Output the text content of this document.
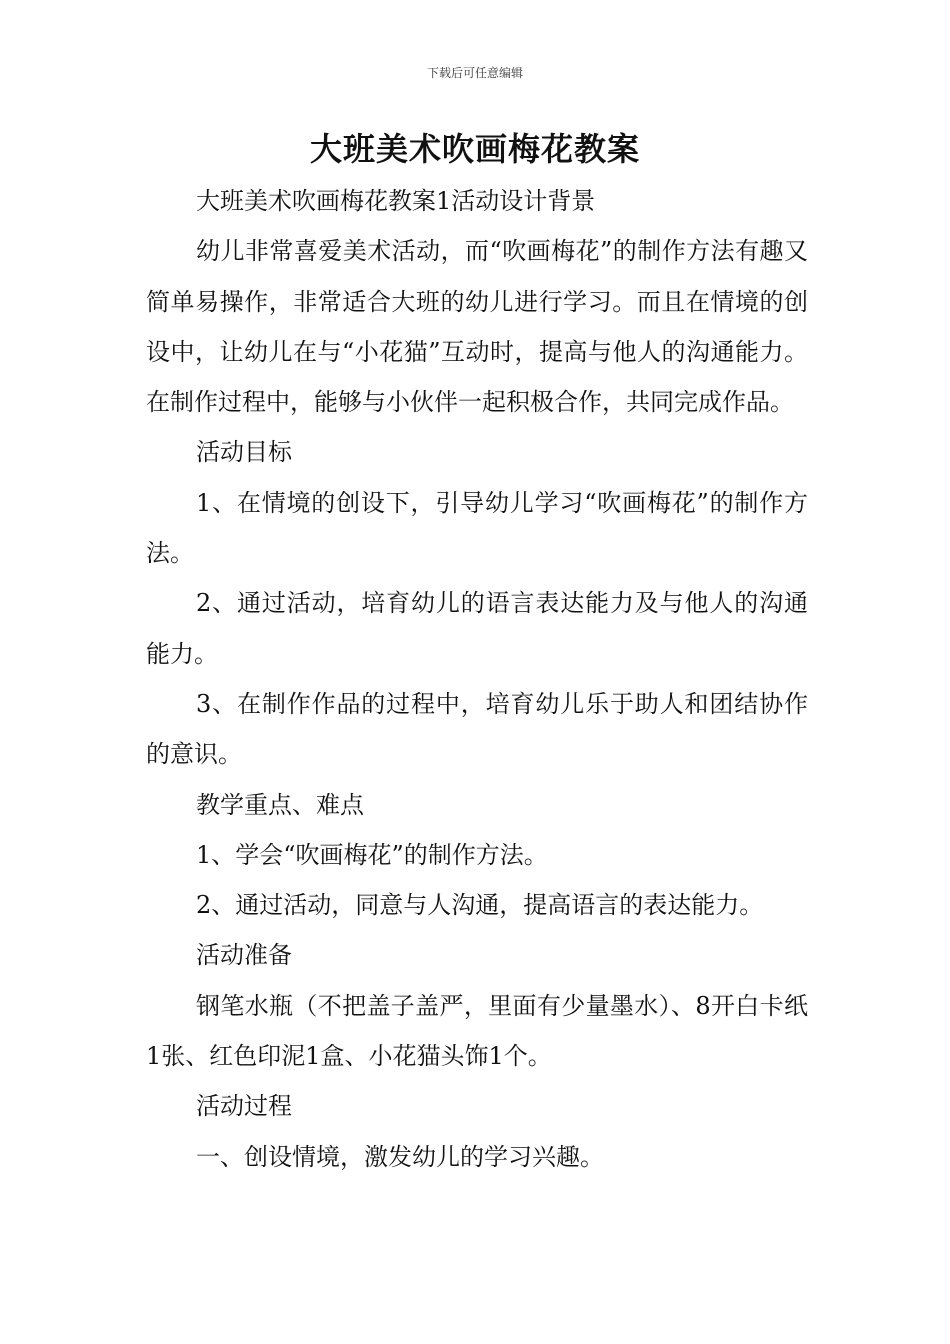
下载后可任意编辑
大班美术吹画梅花教案

大班美术吹画梅花教案1活动设计背景

幼儿非常喜爱美术活动，而“吹画梅花”的制作方法有趣又简单易操作，非常适合大班的幼儿进行学习。而且在情境的创设中，让幼儿在与“小花猫”互动时，提高与他人的沟通能力。在制作过程中，能够与小伙伴一起积极合作，共同完成作品。

活动目标

1、在情境的创设下，引导幼儿学习“吹画梅花”的制作方法。

2、通过活动，培育幼儿的语言表达能力及与他人的沟通能力。

3、在制作作品的过程中，培育幼儿乐于助人和团结协作的意识。

教学重点、难点

1、学会“吹画梅花”的制作方法。

2、通过活动，同意与人沟通，提高语言的表达能力。

活动准备

钢笔水瓶（不把盖子盖严，里面有少量墨水）、8开白卡纸1张、红色印泥1盒、小花猫头饰1个。

活动过程

一、创设情境，激发幼儿的学习兴趣。
